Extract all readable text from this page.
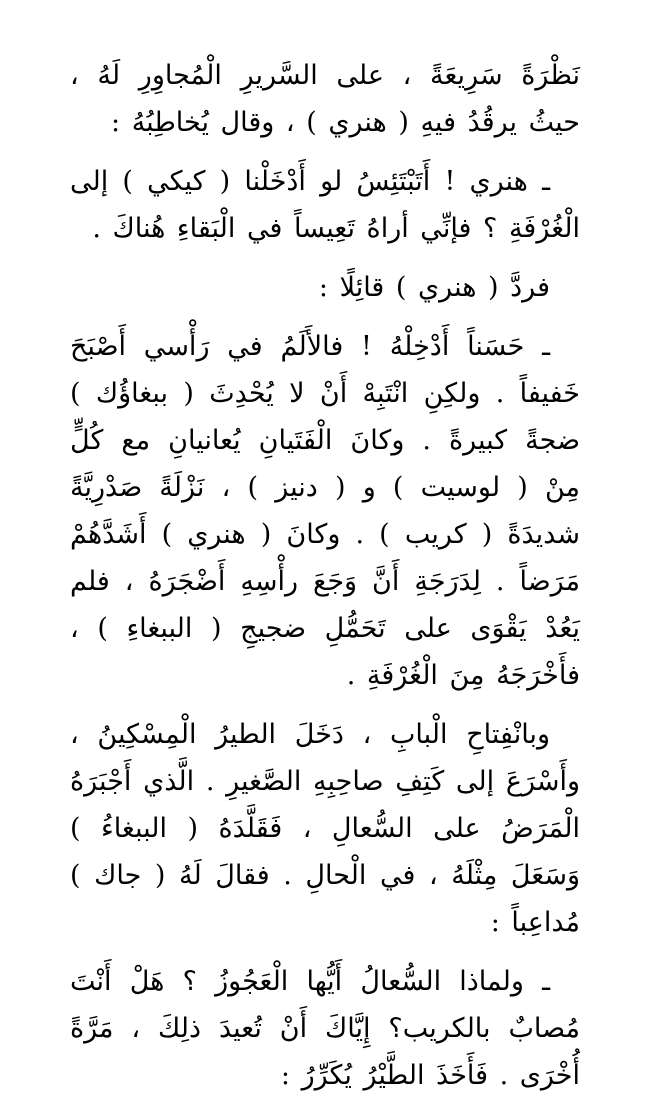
نَظْرَةً سَرِيعَةً ، على السَّريرِ الْمُجاوِرِ لَهُ ، حيثُ يرقُدُ فيهِ ( هنري ) ، وقال يُخاطِبُهُ :

ـ هنري ! أَتَبْتَئِسُ لو أَدْخَلْنا ( كيكي ) إلى الْغُرْفَةِ ؟ فإنِّي أراهُ تَعِيساً في الْبَقاءِ هُناكَ .

فردَّ ( هنري ) قائِلًا :

ـ حَسَناً أَدْخِلْهُ ! فالأَلَمُ في رَأْسي أَصْبَحَ خَفيفاً . ولكِنِ انْتَبِهْ أَنْ لا يُحْدِثَ ( ببغاؤُك ) ضجةً كبيرةً . وكانَ الْفَتَيانِ يُعانيانِ مع كُلٍّ مِنْ ( لوسيت ) و ( دنيز ) ، نَزْلَةً صَدْرِيَّةً شديدَةً ( كريب ) . وكانَ ( هنري ) أَشَدَّهُمْ مَرَضاً . لِدَرَجَةِ أَنَّ وَجَعَ رأْسِهِ أَضْجَرَهُ ، فلم يَعُدْ يَقْوَى على تَحَمُّلِ ضجيجِ ( الببغاءِ ) ، فأَخْرَجَهُ مِنَ الْغُرْفَةِ .

وبانْفِتاحِ الْبابِ ، دَخَلَ الطيرُ الْمِسْكِينُ ، وأَسْرَعَ إلى كَتِفِ صاحِبِهِ الصَّغيرِ . الَّذي أَجْبَرَهُ الْمَرَضُ على السُّعالِ ، فَقَلَّدَهُ ( الببغاءُ ) وَسَعَلَ مِثْلَهُ ، في الْحالِ . فقالَ لَهُ ( جاك ) مُداعِباً :

ـ ولماذا السُّعالُ أَيُّها الْعَجُوزُ ؟ هَلْ أَنْتَ مُصابٌ بالكريب؟ إِيَّاكَ أَنْ تُعيدَ ذلِكَ ، مَرَّةً أُخْرَى . فَأَخَذَ الطَّيْرُ يُكَرِّرُ :
